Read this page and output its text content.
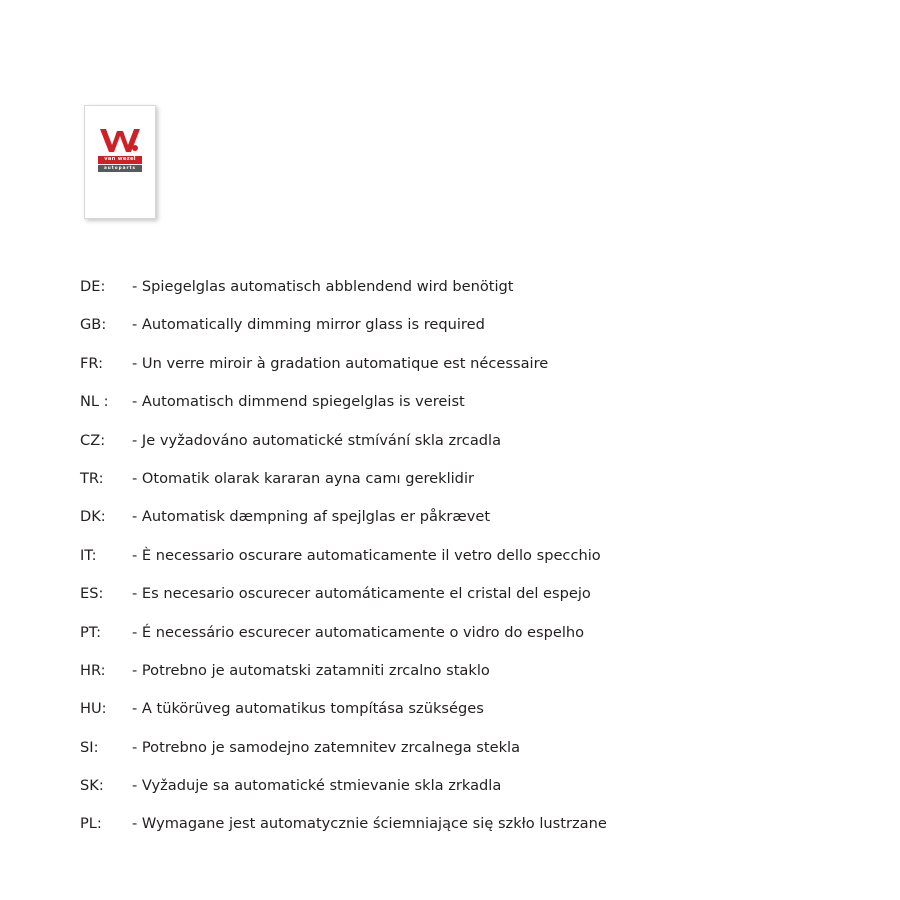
van wezel
autoparts
DE:	- Spiegelglas automatisch abblendend wird benötigt
GB:	- Automatically dimming mirror glass is required
FR:	- Un verre miroir à gradation automatique est nécessaire
NL :	- Automatisch dimmend spiegelglas is vereist
CZ:	- Je vyžadováno automatické stmívání skla zrcadla
TR:	- Otomatik olarak kararan ayna camı gereklidir
DK:	- Automatisk dæmpning af spejlglas er påkrævet
IT:	- È necessario oscurare automaticamente il vetro dello specchio
ES:	- Es necesario oscurecer automáticamente el cristal del espejo
PT:	- É necessário escurecer automaticamente o vidro do espelho
HR:	- Potrebno je automatski zatamniti zrcalno staklo
HU:	- A tükörüveg automatikus tompítása szükséges
SI:	- Potrebno je samodejno zatemnitev zrcalnega stekla
SK:	- Vyžaduje sa automatické stmievanie skla zrkadla
PL:	- Wymagane jest automatycznie ściemniające się szkło lustrzane
